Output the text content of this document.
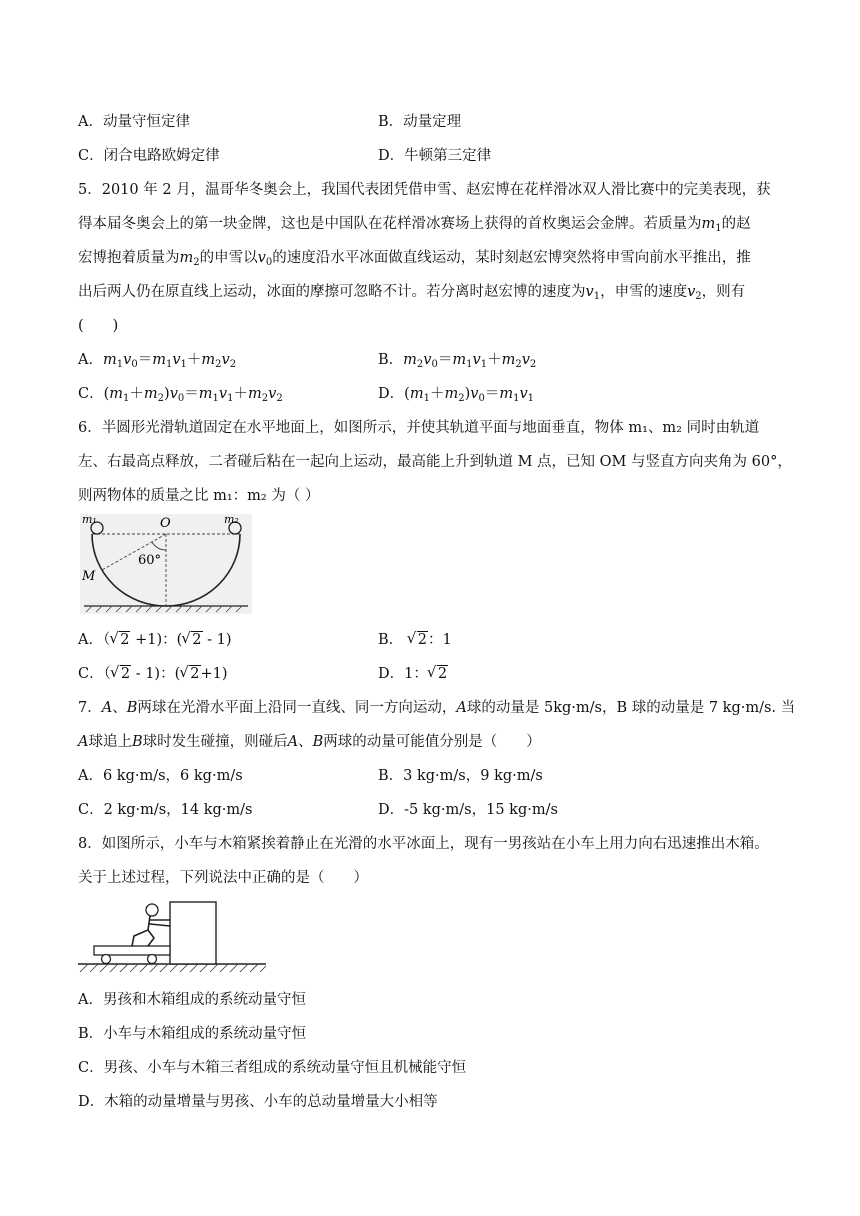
A．动量守恒定律	B．动量定理
C．闭合电路欧姆定律	D．牛顿第三定律
5．2010 年 2 月，温哥华冬奥会上，我国代表团凭借申雪、赵宏博在花样滑冰双人滑比赛中的完美表现，获
得本届冬奥会上的第一块金牌，这也是中国队在花样滑冰赛场上获得的首枚奥运会金牌。若质量为$m_1$的赵
宏博抱着质量为$m_2$的申雪以$v_0$的速度沿水平冰面做直线运动，某时刻赵宏博突然将申雪向前水平推出，推
出后两人仍在原直线上运动，冰面的摩擦可忽略不计。若分离时赵宏博的速度为$v_1$，申雪的速度$v_2$，则有
(　　)
A．$m_1v_0=m_1v_1+m_2v_2$	B．$m_2v_0=m_1v_1+m_2v_2$
C．$(m_1+m_2)v_0=m_1v_1+m_2v_2$	D．$(m_1+m_2)v_0=m_1v_1$
6．半圆形光滑轨道固定在水平地面上，如图所示，并使其轨道平面与地面垂直，物体 m₁、m₂ 同时由轨道
左、右最高点释放，二者碰后粘在一起向上运动，最高能上升到轨道 M 点，已知 OM 与竖直方向夹角为 60°，
则两物体的质量之比 m₁：m₂ 为（ ）
m₁	O	m₂
60°
M
A．（ √ 2 +1)：( √ 2 - 1)	B． √ 2：1
C．（ √ 2 - 1)：( √ 2+1)	D．1： √ 2
7．A、B两球在光滑水平面上沿同一直线、同一方向运动，A球的动量是 5kg·m/s，B 球的动量是 7 kg·m/s. 当
A球追上B球时发生碰撞，则碰后A、B两球的动量可能值分别是（　　）
A．6 kg·m/s，6 kg·m/s	B．3 kg·m/s，9 kg·m/s
C．2 kg·m/s，14 kg·m/s	D．-5 kg·m/s，15 kg·m/s
8．如图所示，小车与木箱紧挨着静止在光滑的水平冰面上，现有一男孩站在小车上用力向右迅速推出木箱。
关于上述过程，下列说法中正确的是（　　）
A．男孩和木箱组成的系统动量守恒
B．小车与木箱组成的系统动量守恒
C．男孩、小车与木箱三者组成的系统动量守恒且机械能守恒
D．木箱的动量增量与男孩、小车的总动量增量大小相等
